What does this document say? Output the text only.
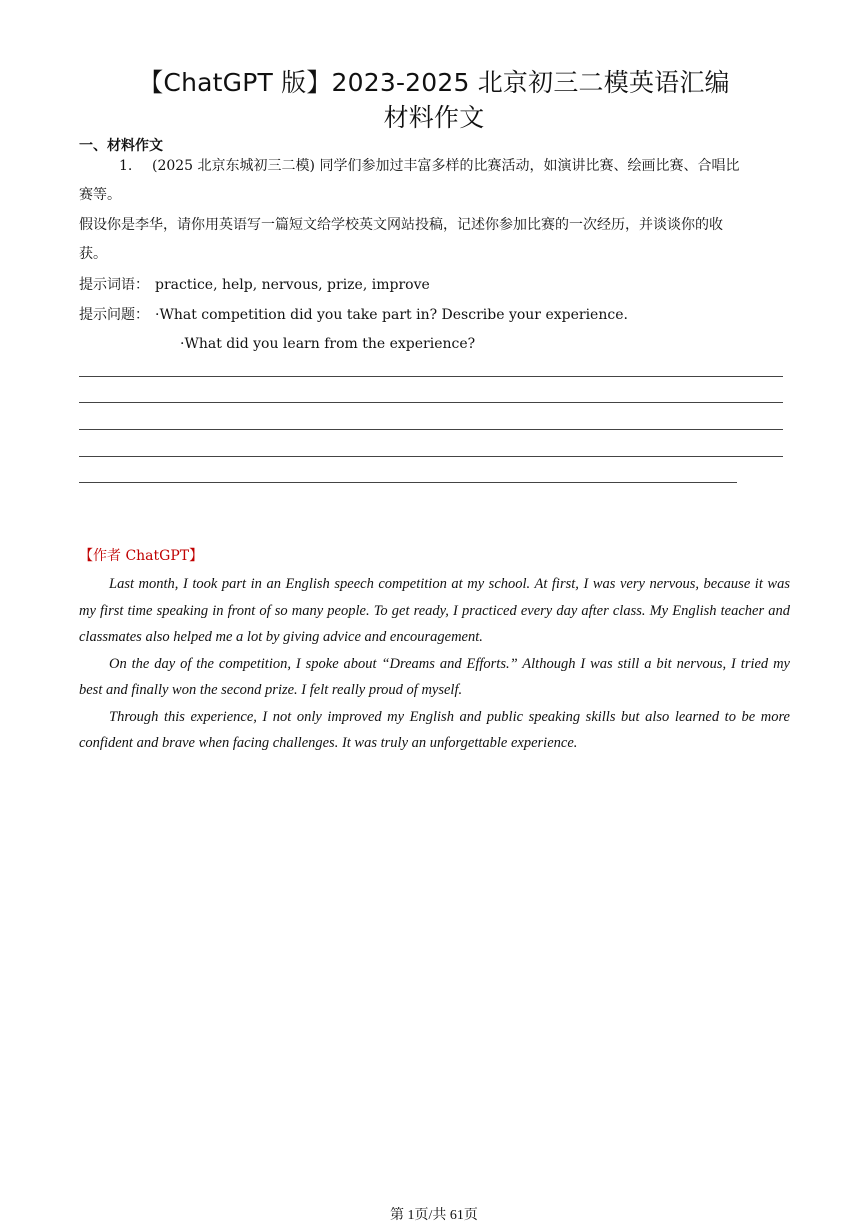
【ChatGPT 版】2023-2025 北京初三二模英语汇编
材料作文
一、材料作文
1. (2025 北京东城初三二模) 同学们参加过丰富多样的比赛活动，如演讲比赛、绘画比赛、合唱比
赛等。
假设你是李华，请你用英语写一篇短文给学校英文网站投稿，记述你参加比赛的一次经历，并谈谈你的收
获。
提示词语： practice, help, nervous, prize, improve
提示问题： ·What competition did you take part in? Describe your experience.
·What did you learn from the experience?
【作者 ChatGPT】

Last month, I took part in an English speech competition at my school. At first, I was very nervous, because it was my first time speaking in front of so many people. To get ready, I practiced every day after class. My English teacher and classmates also helped me a lot by giving advice and encouragement.

On the day of the competition, I spoke about “Dreams and Efforts.” Although I was still a bit nervous, I tried my best and finally won the second prize. I felt really proud of myself.

Through this experience, I not only improved my English and public speaking skills but also learned to be more confident and brave when facing challenges. It was truly an unforgettable experience.

第 1页/共 61页
